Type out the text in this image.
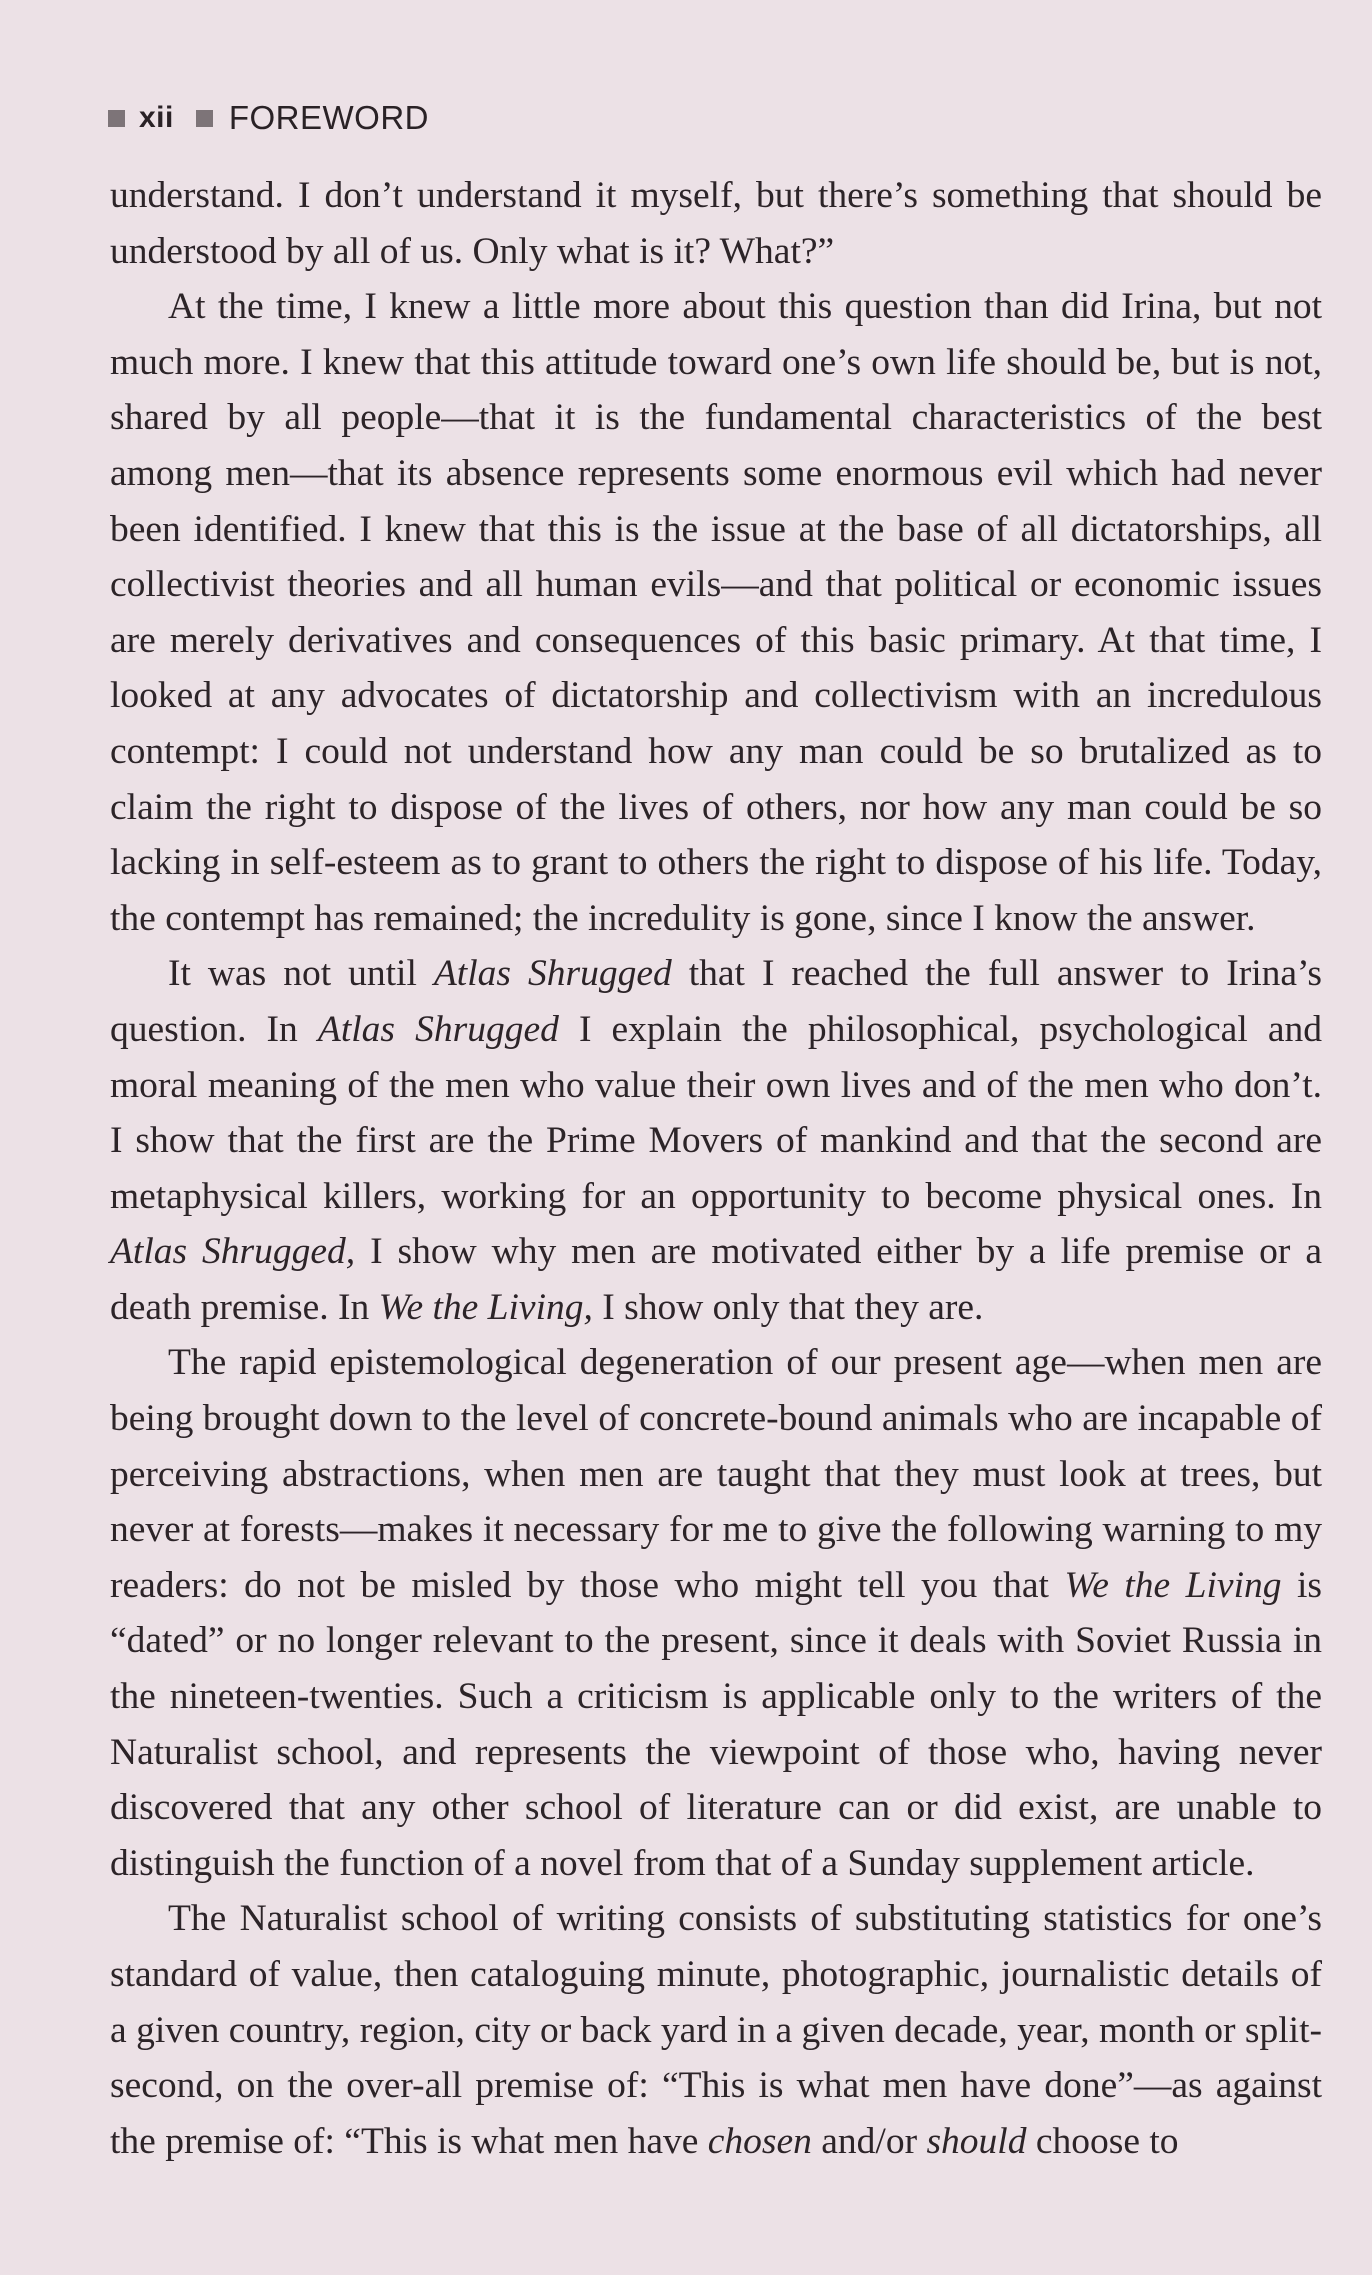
xii FOREWORD

understand. I don’t understand it myself, but there’s something that should be understood by all of us. Only what is it? What?”

At the time, I knew a little more about this question than did Irina, but not much more. I knew that this attitude toward one’s own life should be, but is not, shared by all people—that it is the fundamental characteristics of the best among men—that its absence represents some enormous evil which had never been identified. I knew that this is the issue at the base of all dictatorships, all collectivist theories and all human evils—and that political or economic issues are merely derivatives and consequences of this basic primary. At that time, I looked at any advocates of dictatorship and collectivism with an incredulous contempt: I could not understand how any man could be so brutalized as to claim the right to dispose of the lives of others, nor how any man could be so lacking in self-esteem as to grant to others the right to dispose of his life. Today, the contempt has remained; the incredulity is gone, since I know the answer.

It was not until Atlas Shrugged that I reached the full answer to Irina’s question. In Atlas Shrugged I explain the philosophical, psychological and moral meaning of the men who value their own lives and of the men who don’t. I show that the first are the Prime Movers of mankind and that the second are metaphysical killers, working for an opportunity to become physical ones. In Atlas Shrugged, I show why men are motivated either by a life premise or a death premise. In We the Living, I show only that they are.

The rapid epistemological degeneration of our present age—when men are being brought down to the level of concrete-bound animals who are incapable of perceiving abstractions, when men are taught that they must look at trees, but never at forests—makes it necessary for me to give the following warning to my readers: do not be misled by those who might tell you that We the Living is “dated” or no longer relevant to the present, since it deals with Soviet Russia in the nineteen-twenties. Such a criticism is applicable only to the writers of the Naturalist school, and represents the viewpoint of those who, having never discovered that any other school of literature can or did exist, are unable to distinguish the function of a novel from that of a Sunday supplement article.

The Naturalist school of writing consists of substituting statistics for one’s standard of value, then cataloguing minute, photographic, journalistic details of a given country, region, city or back yard in a given decade, year, month or split-second, on the over-all premise of: “This is what men have done”—as against the premise of: “This is what men have chosen and/or should choose to
